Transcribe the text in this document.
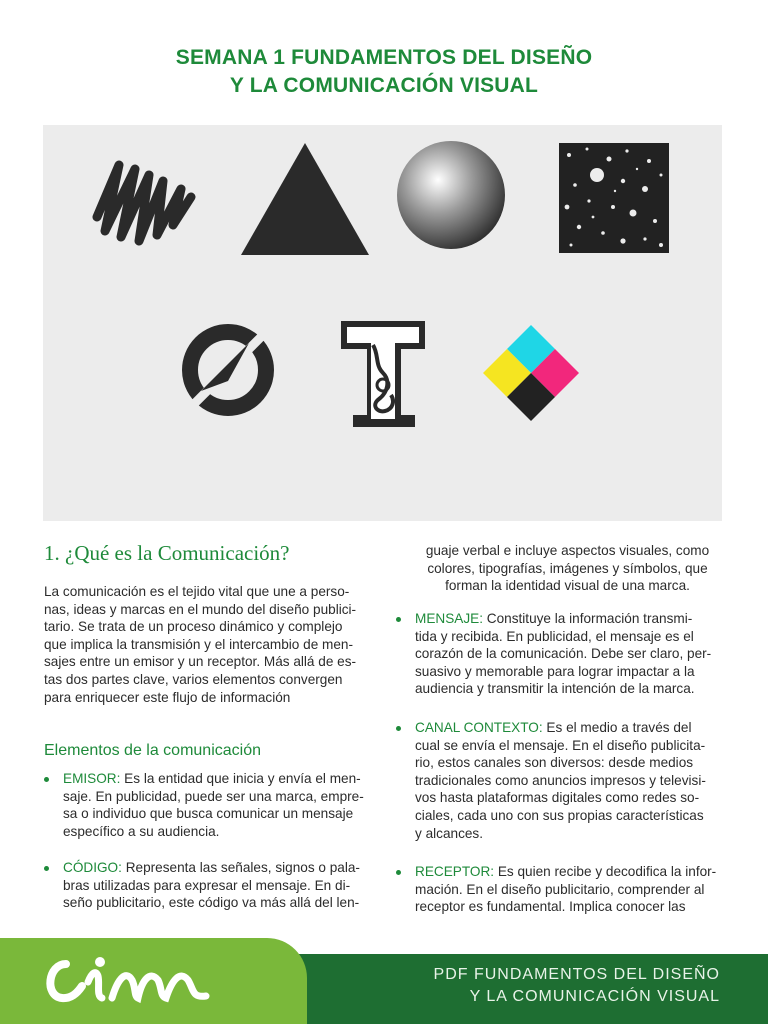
SEMANA 1 FUNDAMENTOS DEL DISEÑO
Y LA COMUNICACIÓN VISUAL
1. ¿Qué es la Comunicación?
La comunicación es el tejido vital que une a perso-
nas, ideas y marcas en el mundo del diseño publici-
tario. Se trata de un proceso dinámico y complejo
que implica la transmisión y el intercambio de men-
sajes entre un emisor y un receptor. Más allá de es-
tas dos partes clave, varios elementos convergen
para enriquecer este flujo de información
Elementos de la comunicación
EMISOR: Es la entidad que inicia y envía el men-
saje. En publicidad, puede ser una marca, empre-
sa o individuo que busca comunicar un mensaje
específico a su audiencia.
CÓDIGO: Representa las señales, signos o pala-
bras utilizadas para expresar el mensaje. En di-
seño publicitario, este código va más allá del len-
guaje verbal e incluye aspectos visuales, como
colores, tipografías, imágenes y símbolos, que
forman la identidad visual de una marca.
MENSAJE: Constituye la información transmi-
tida y recibida. En publicidad, el mensaje es el
corazón de la comunicación. Debe ser claro, per-
suasivo y memorable para lograr impactar a la
audiencia y transmitir la intención de la marca.
CANAL CONTEXTO: Es el medio a través del
cual se envía el mensaje. En el diseño publicita-
rio, estos canales son diversos: desde medios
tradicionales como anuncios impresos y televisi-
vos hasta plataformas digitales como redes so-
ciales, cada uno con sus propias características
y alcances.
RECEPTOR: Es quien recibe y decodifica la infor-
mación. En el diseño publicitario, comprender al
receptor es fundamental. Implica conocer las
PDF FUNDAMENTOS DEL DISEÑO
Y LA COMUNICACIÓN VISUAL
